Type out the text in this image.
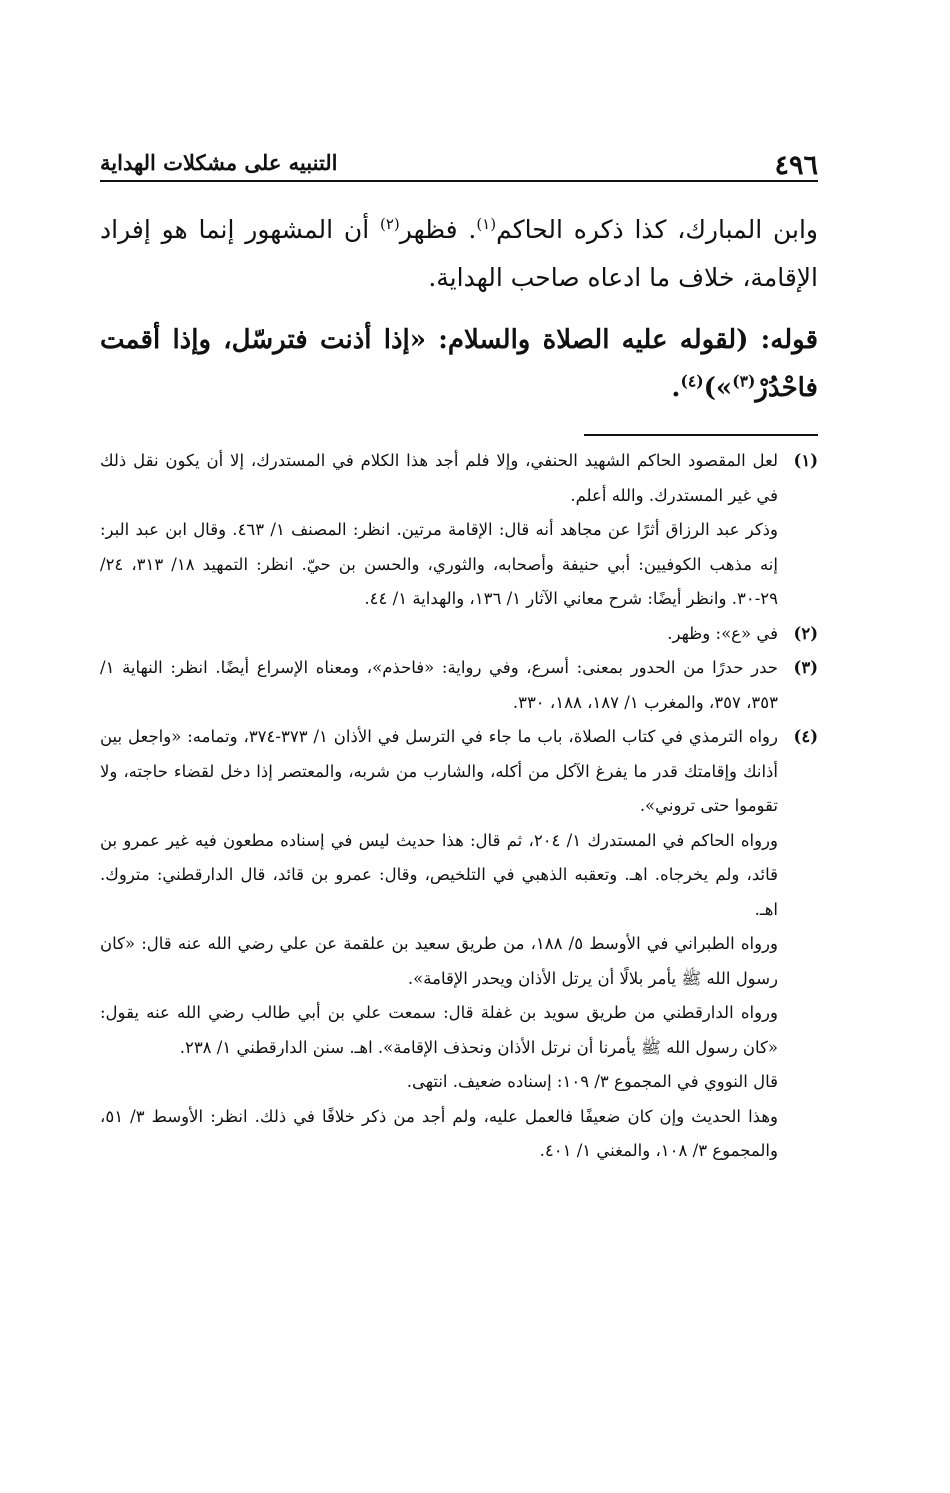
٤٩٦
التنبيه على مشكلات الهداية

وابن المبارك، كذا ذكره الحاكم$^{(١)}$. فظهر$^{(٢)}$ أن المشهور إنما هو إفراد الإقامة، خلاف ما ادعاه صاحب الهداية.

قوله: (لقوله عليه الصلاة والسلام: «إذا أذنت فترسّل، وإذا أقمت فاحْدُرْ$^{(٣)}$»)$^{(٤)}$.

(١)

لعل المقصود الحاكم الشهيد الحنفي، وإلا فلم أجد هذا الكلام في المستدرك، إلا أن يكون نقل ذلك في غير المستدرك. والله أعلم.

وذكر عبد الرزاق أثرًا عن مجاهد أنه قال: الإقامة مرتين. انظر: المصنف ١/ ٤٦٣. وقال ابن عبد البر: إنه مذهب الكوفيين: أبي حنيفة وأصحابه، والثوري، والحسن بن حيّ. انظر: التمهيد ١٨/ ٣١٣، ٢٤/ ٢٩-٣٠. وانظر أيضًا: شرح معاني الآثار ١/ ١٣٦، والهداية ١/ ٤٤.

(٢)

في «ع»: وظهر.

(٣)

حدر حدرًا من الحدور بمعنى: أسرع، وفي رواية: «فاحذم»، ومعناه الإسراع أيضًا. انظر: النهاية ١/ ٣٥٣، ٣٥٧، والمغرب ١/ ١٨٧، ١٨٨، ٣٣٠.

(٤)

رواه الترمذي في كتاب الصلاة، باب ما جاء في الترسل في الأذان ١/ ٣٧٣-٣٧٤، وتمامه: «واجعل بين أذانك وإقامتك قدر ما يفرغ الآكل من أكله، والشارب من شربه، والمعتصر إذا دخل لقضاء حاجته، ولا تقوموا حتى تروني».

ورواه الحاكم في المستدرك ١/ ٢٠٤، ثم قال: هذا حديث ليس في إسناده مطعون فيه غير عمرو بن قائد، ولم يخرجاه. اهـ. وتعقبه الذهبي في التلخيص، وقال: عمرو بن قائد، قال الدارقطني: متروك. اهـ.

ورواه الطبراني في الأوسط ٥/ ١٨٨، من طريق سعيد بن علقمة عن علي رضي الله عنه قال: «كان رسول الله ﷺ يأمر بلالًا أن يرتل الأذان ويحدر الإقامة».

ورواه الدارقطني من طريق سويد بن غفلة قال: سمعت علي بن أبي طالب رضي الله عنه يقول: «كان رسول الله ﷺ يأمرنا أن نرتل الأذان ونحذف الإقامة». اهـ. سنن الدارقطني ١/ ٢٣٨.

قال النووي في المجموع ٣/ ١٠٩: إسناده ضعيف. انتهى.

وهذا الحديث وإن كان ضعيفًا فالعمل عليه، ولم أجد من ذكر خلافًا في ذلك. انظر: الأوسط ٣/ ٥١، والمجموع ٣/ ١٠٨، والمغني ١/ ٤٠١.
